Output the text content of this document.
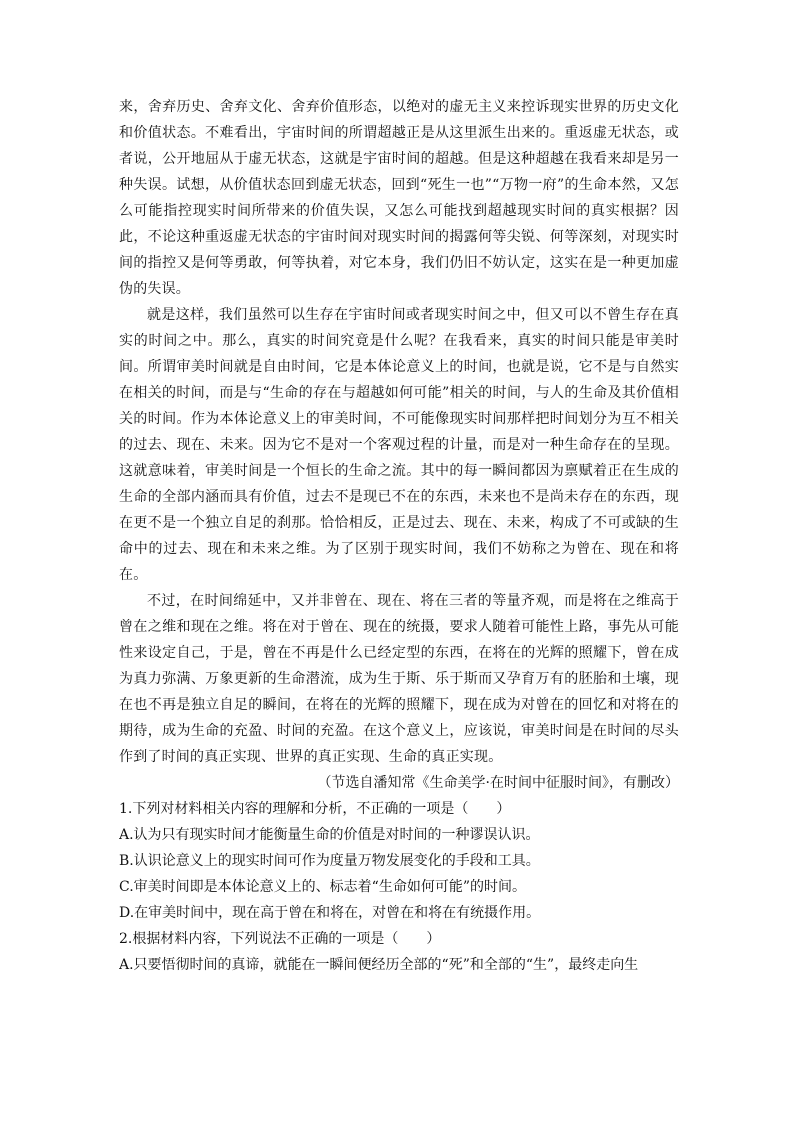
来，舍弃历史、舍弃文化、舍弃价值形态，以绝对的虚无主义来控诉现实世界的历史文化和价值状态。不难看出，宇宙时间的所谓超越正是从这里派生出来的。重返虚无状态，或者说，公开地屈从于虚无状态，这就是宇宙时间的超越。但是这种超越在我看来却是另一种失误。试想，从价值状态回到虚无状态，回到“死生一也”“万物一府”的生命本然，又怎么可能指控现实时间所带来的价值失误，又怎么可能找到超越现实时间的真实根据？因此，不论这种重返虚无状态的宇宙时间对现实时间的揭露何等尖锐、何等深刻，对现实时间的指控又是何等勇敢，何等执着，对它本身，我们仍旧不妨认定，这实在是一种更加虚伪的失误。

就是这样，我们虽然可以生存在宇宙时间或者现实时间之中，但又可以不曾生存在真实的时间之中。那么，真实的时间究竟是什么呢？在我看来，真实的时间只能是审美时间。所谓审美时间就是自由时间，它是本体论意义上的时间，也就是说，它不是与自然实在相关的时间，而是与“生命的存在与超越如何可能”相关的时间，与人的生命及其价值相关的时间。作为本体论意义上的审美时间，不可能像现实时间那样把时间划分为互不相关的过去、现在、未来。因为它不是对一个客观过程的计量，而是对一种生命存在的呈现。这就意味着，审美时间是一个恒长的生命之流。其中的每一瞬间都因为禀赋着正在生成的生命的全部内涵而具有价值，过去不是现已不在的东西，未来也不是尚未存在的东西，现在更不是一个独立自足的刹那。恰恰相反，正是过去、现在、未来，构成了不可或缺的生命中的过去、现在和未来之维。为了区别于现实时间，我们不妨称之为曾在、现在和将在。

不过，在时间绵延中，又并非曾在、现在、将在三者的等量齐观，而是将在之维高于曾在之维和现在之维。将在对于曾在、现在的统摄，要求人随着可能性上路，事先从可能性来设定自己，于是，曾在不再是什么已经定型的东西，在将在的光辉的照耀下，曾在成为真力弥满、万象更新的生命潜流，成为生于斯、乐于斯而又孕育万有的胚胎和土壤，现在也不再是独立自足的瞬间，在将在的光辉的照耀下，现在成为对曾在的回忆和对将在的期待，成为生命的充盈、时间的充盈。在这个意义上，应该说，审美时间是在时间的尽头作到了时间的真正实现、世界的真正实现、生命的真正实现。

（节选自潘知常《生命美学·在时间中征服时间》，有删改）

1.下列对材料相关内容的理解和分析，不正确的一项是（　　）

A.认为只有现实时间才能衡量生命的价值是对时间的一种谬误认识。

B.认识论意义上的现实时间可作为度量万物发展变化的手段和工具。

C.审美时间即是本体论意义上的、标志着“生命如何可能”的时间。

D.在审美时间中，现在高于曾在和将在，对曾在和将在有统摄作用。

2.根据材料内容，下列说法不正确的一项是（　　）

A.只要悟彻时间的真谛，就能在一瞬间便经历全部的“死”和全部的“生”，最终走向生
